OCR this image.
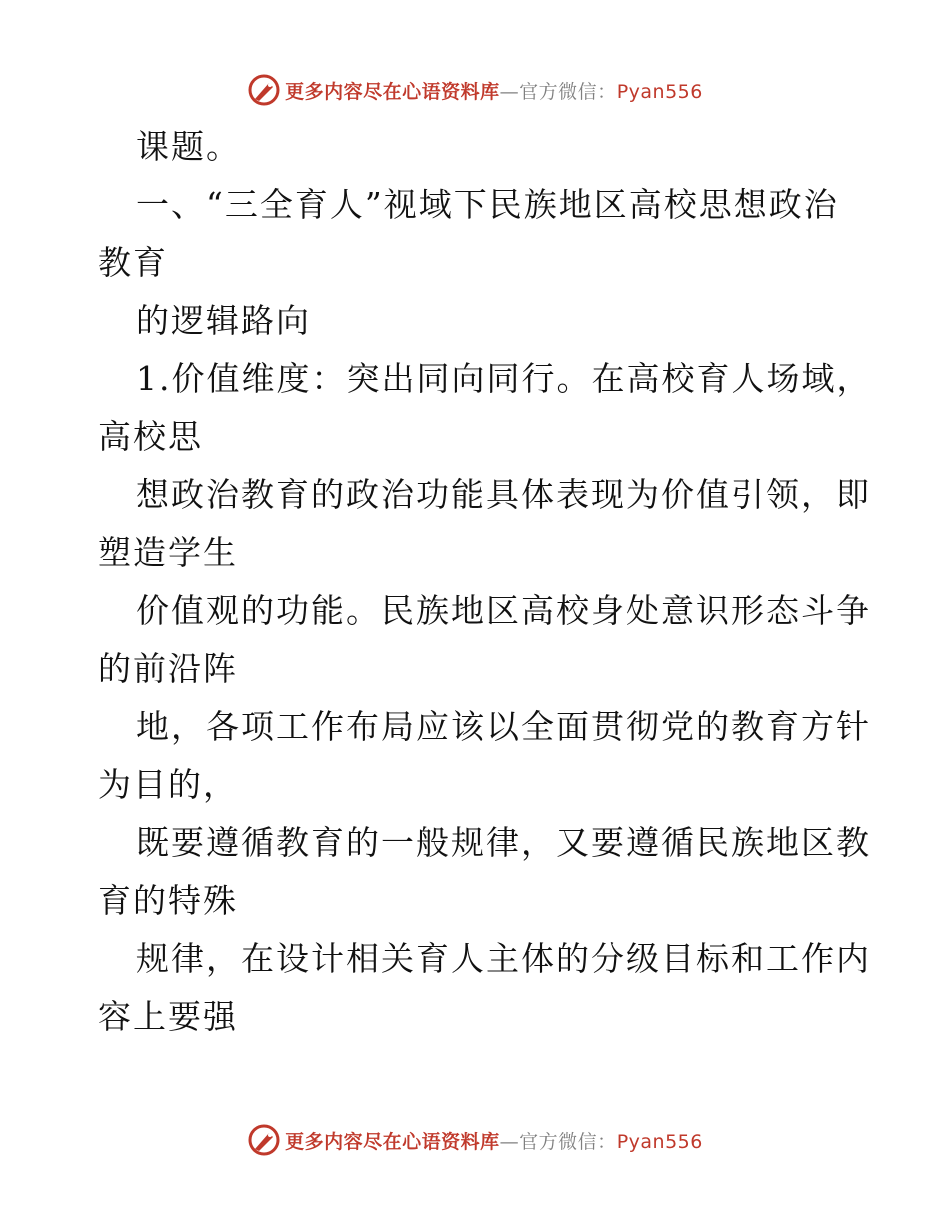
更多内容尽在心语资料库—官方微信：Pyan556
课题。
一、“三全育人”视域下民族地区高校思想政治
教育
的逻辑路向
1.价值维度：突出同向同行。在高校育人场域，
高校思
想政治教育的政治功能具体表现为价值引领，即
塑造学生
价值观的功能。民族地区高校身处意识形态斗争
的前沿阵
地，各项工作布局应该以全面贯彻党的教育方针
为目的，
既要遵循教育的一般规律，又要遵循民族地区教
育的特殊
规律，在设计相关育人主体的分级目标和工作内
容上要强
更多内容尽在心语资料库—官方微信：Pyan556
